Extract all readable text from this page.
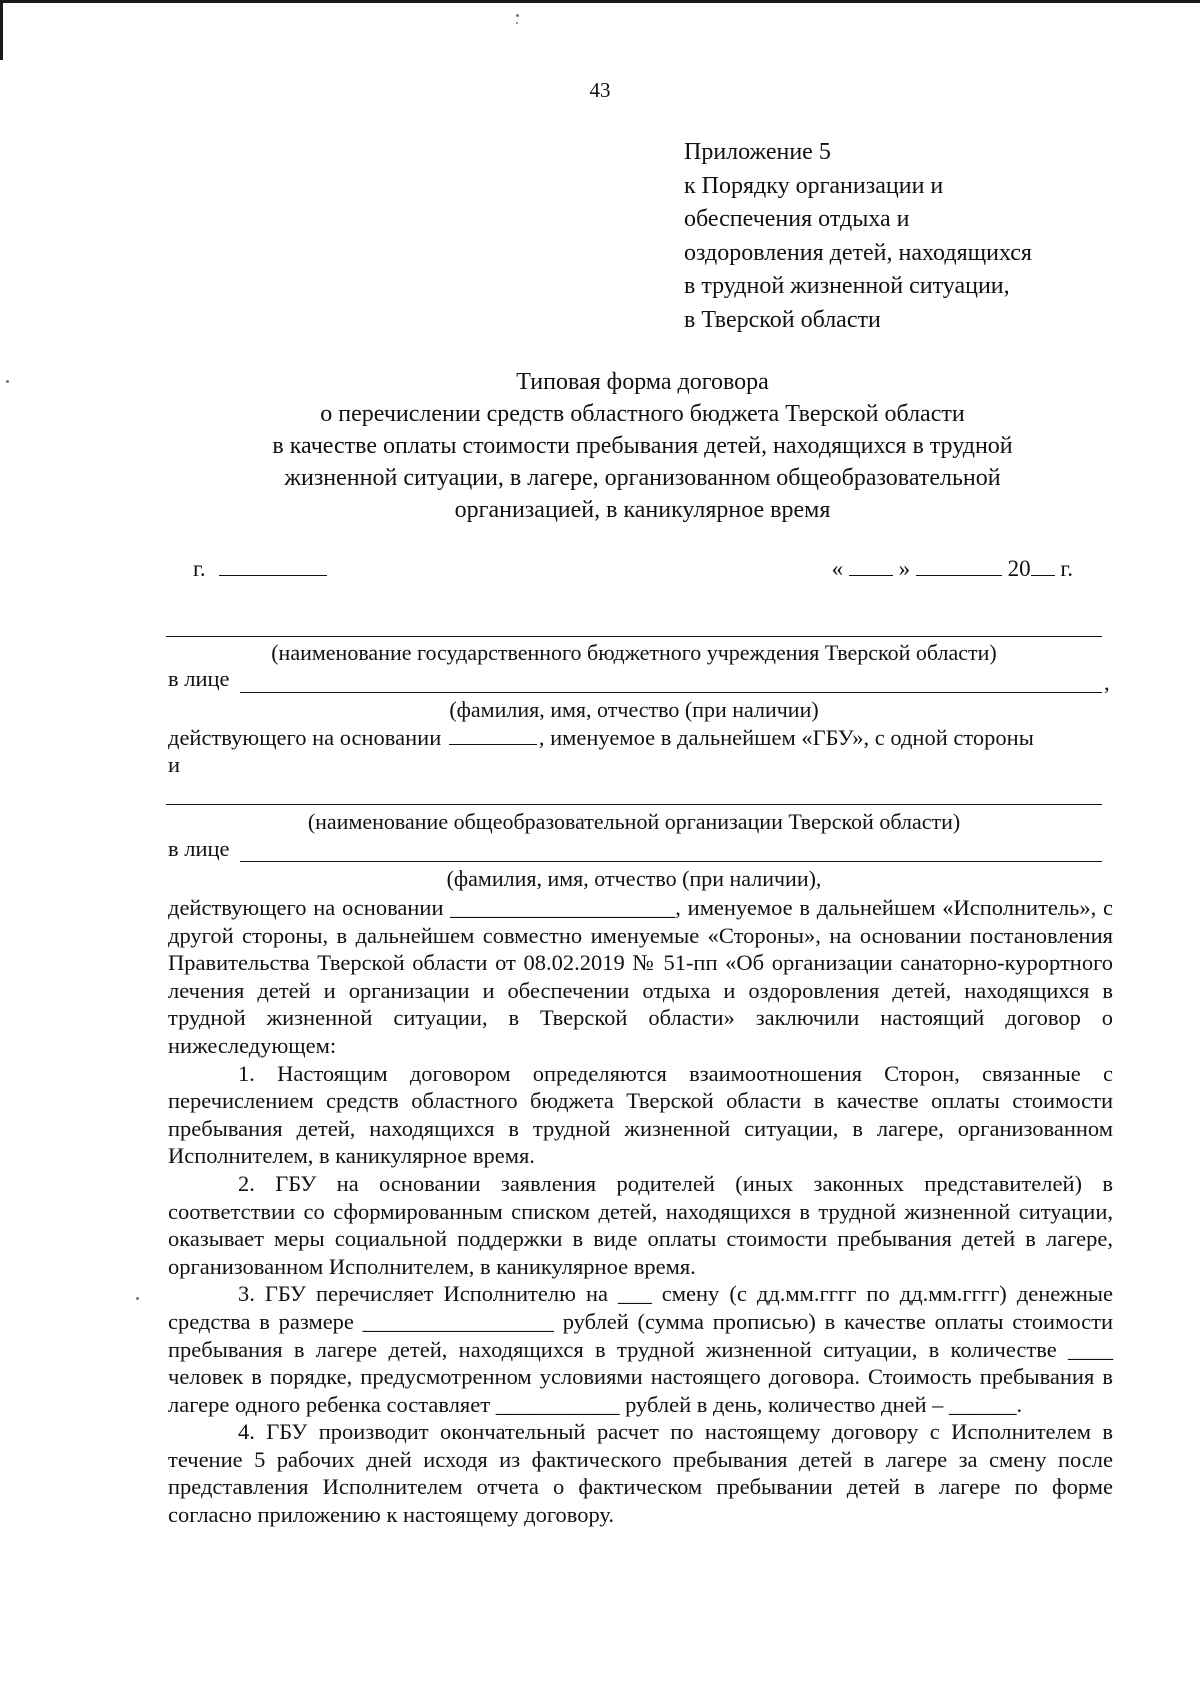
43
Приложение 5
к Порядку организации и
обеспечения отдыха и
оздоровления детей, находящихся
в трудной жизненной ситуации,
в Тверской области
Типовая форма договора
о перечислении средств областного бюджета Тверской области
в качестве оплаты стоимости пребывания детей, находящихся в трудной
жизненной ситуации, в лагере, организованном общеобразовательной
организацией, в каникулярное время
г.	« »	20 г.
(наименование государственного бюджетного учреждения Тверской области)
в лице	,
(фамилия, имя, отчество (при наличии)
действующего на основании	, именуемое в дальнейшем «ГБУ», с одной стороны
и
(наименование общеобразовательной организации Тверской области)
в лице
(фамилия, имя, отчество (при наличии),

действующего на основании ____________________, именуемое в дальнейшем «Исполнитель», с другой стороны, в дальнейшем совместно именуемые «Стороны», на основании постановления Правительства Тверской области от 08.02.2019 № 51-пп «Об организации санаторно-курортного лечения детей и организации и обеспечении отдыха и оздоровления детей, находящихся в трудной жизненной ситуации, в Тверской области» заключили настоящий договор о нижеследующем:

1. Настоящим договором определяются взаимоотношения Сторон, связанные с перечислением средств областного бюджета Тверской области в качестве оплаты стоимости пребывания детей, находящихся в трудной жизненной ситуации, в лагере, организованном Исполнителем, в каникулярное время.

2. ГБУ на основании заявления родителей (иных законных представителей) в соответствии со сформированным списком детей, находящихся в трудной жизненной ситуации, оказывает меры социальной поддержки в виде оплаты стоимости пребывания детей в лагере, организованном Исполнителем, в каникулярное время.

3. ГБУ перечисляет Исполнителю на ___ смену (с дд.мм.гггг по дд.мм.гггг) денежные средства в размере _________________ рублей (сумма прописью) в качестве оплаты стоимости пребывания в лагере детей, находящихся в трудной жизненной ситуации, в количестве ____ человек в порядке, предусмотренном условиями настоящего договора. Стоимость пребывания в лагере одного ребенка составляет ___________ рублей в день, количество дней – ______.

4. ГБУ производит окончательный расчет по настоящему договору с Исполнителем в течение 5 рабочих дней исходя из фактического пребывания детей в лагере за смену после представления Исполнителем отчета о фактическом пребывании детей в лагере по форме согласно приложению к настоящему договору.
